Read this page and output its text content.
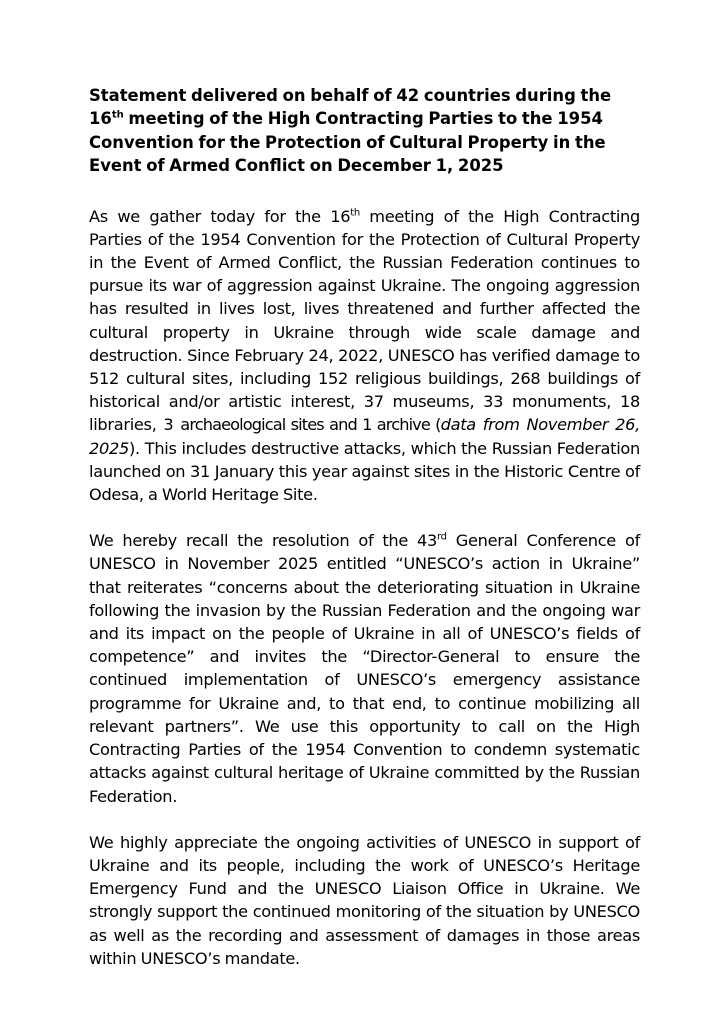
Statement delivered on behalf of 42 countries during the 16th meeting of the High Contracting Parties to the 1954 Convention for the Protection of Cultural Property in the Event of Armed Conflict on December 1, 2025

As we gather today for the 16th meeting of the High Contracting Parties of the 1954 Convention for the Protection of Cultural Property in the Event of Armed Conflict, the Russian Federation continues to pursue its war of aggression against Ukraine. The ongoing aggression has resulted in lives lost, lives threatened and further affected the cultural property in Ukraine through wide scale damage and destruction. Since February 24, 2022, UNESCO has verified damage to 512 cultural sites, including 152 religious buildings, 268 buildings of historical and/or artistic interest, 37 museums, 33 monuments, 18 libraries, 3 archaeological sites and 1 archive (data from November 26, 2025). This includes destructive attacks, which the Russian Federation launched on 31 January this year against sites in the Historic Centre of Odesa, a World Heritage Site.

We hereby recall the resolution of the 43rd General Conference of UNESCO in November 2025 entitled “UNESCO’s action in Ukraine” that reiterates “concerns about the deteriorating situation in Ukraine following the invasion by the Russian Federation and the ongoing war and its impact on the people of Ukraine in all of UNESCO’s fields of competence” and invites the “Director-General to ensure the continued implementation of UNESCO’s emergency assistance programme for Ukraine and, to that end, to continue mobilizing all relevant partners”. We use this opportunity to call on the High Contracting Parties of the 1954 Convention to condemn systematic attacks against cultural heritage of Ukraine committed by the Russian Federation.

We highly appreciate the ongoing activities of UNESCO in support of Ukraine and its people, including the work of UNESCO’s Heritage Emergency Fund and the UNESCO Liaison Office in Ukraine. We strongly support the continued monitoring of the situation by UNESCO as well as the recording and assessment of damages in those areas within UNESCO’s mandate.
